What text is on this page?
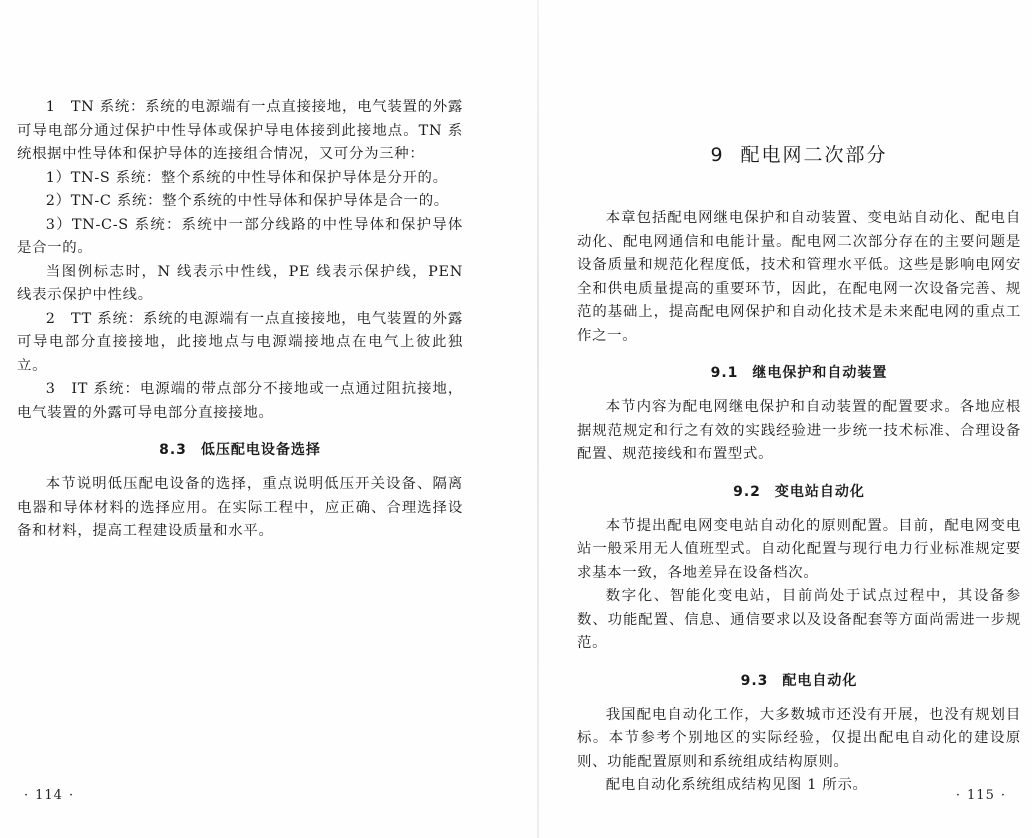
1　TN 系统：系统的电源端有一点直接接地，电气装置的外露可导电部分通过保护中性导体或保护导电体接到此接地点。TN 系统根据中性导体和保护导体的连接组合情况，又可分为三种：

1）TN-S 系统：整个系统的中性导体和保护导体是分开的。

2）TN-C 系统：整个系统的中性导体和保护导体是合一的。

3）TN-C-S 系统：系统中一部分线路的中性导体和保护导体是合一的。

当图例标志时，N 线表示中性线，PE 线表示保护线，PEN 线表示保护中性线。

2　TT 系统：系统的电源端有一点直接接地，电气装置的外露可导电部分直接接地，此接地点与电源端接地点在电气上彼此独立。

3　IT 系统：电源端的带点部分不接地或一点通过阻抗接地，电气装置的外露可导电部分直接接地。

8.3 低压配电设备选择

本节说明低压配电设备的选择，重点说明低压开关设备、隔离电器和导体材料的选择应用。在实际工程中，应正确、合理选择设备和材料，提高工程建设质量和水平。

· 114 ·
9 配电网二次部分

本章包括配电网继电保护和自动装置、变电站自动化、配电自动化、配电网通信和电能计量。配电网二次部分存在的主要问题是设备质量和规范化程度低，技术和管理水平低。这些是影响电网安全和供电质量提高的重要环节，因此，在配电网一次设备完善、规范的基础上，提高配电网保护和自动化技术是未来配电网的重点工作之一。

9.1 继电保护和自动装置

本节内容为配电网继电保护和自动装置的配置要求。各地应根据规范规定和行之有效的实践经验进一步统一技术标准、合理设备配置、规范接线和布置型式。

9.2 变电站自动化

本节提出配电网变电站自动化的原则配置。目前，配电网变电站一般采用无人值班型式。自动化配置与现行电力行业标准规定要求基本一致，各地差异在设备档次。

数字化、智能化变电站，目前尚处于试点过程中，其设备参数、功能配置、信息、通信要求以及设备配套等方面尚需进一步规范。

9.3 配电自动化

我国配电自动化工作，大多数城市还没有开展，也没有规划目标。本节参考个别地区的实际经验，仅提出配电自动化的建设原则、功能配置原则和系统组成结构原则。

配电自动化系统组成结构见图 1 所示。

· 115 ·
